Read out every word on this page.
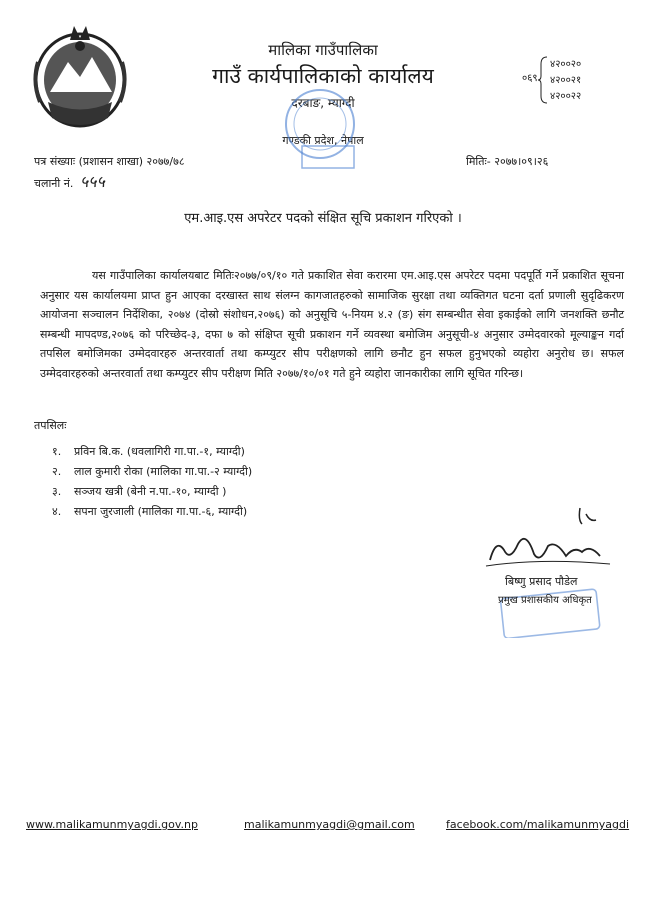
मालिका गाउँपालिका
गाउँ कार्यपालिकाको कार्यालय
दरबाङ, म्याग्दी
गण्डकी प्रदेश, नेपाल
०६९
४२००२०
४२००२१
४२००२२
पत्र संख्याः (प्रशासन शाखा) २०७७/७८
चलानी नं. ५५५
मितिः- २०७७।०९।२६
एम.आइ.एस अपरेटर पदको संक्षित सूचि प्रकाशन गरिएको ।
यस गाउँपालिका कार्यालयबाट मितिः२०७७/०९/१० गते प्रकाशित सेवा करारमा एम.आइ.एस अपरेटर पदमा पदपूर्ति गर्ने प्रकाशित सूचना अनुसार यस कार्यालयमा प्राप्त हुन आएका दरखास्त साथ संलग्न कागजातहरुको सामाजिक सुरक्षा तथा व्यक्तिगत घटना दर्ता प्रणाली सुदृढिकरण आयोजना सञ्चालन निर्देशिका, २०७४ (दोस्रो संशोधन,२०७६) को अनुसूचि ५-नियम ४.२ (ङ) संग सम्बन्धीत सेवा इकाईको लागि जनशक्ति छनौट सम्बन्धी मापदण्ड,२०७६ को परिच्छेद-३, दफा ७ को संक्षिप्त सूची प्रकाशन गर्ने व्यवस्था बमोजिम अनुसूची-४ अनुसार उम्मेदवारको मूल्याङ्कन गर्दा तपसिल बमोजिमका उम्मेदवारहरु अन्तरवार्ता तथा कम्प्युटर सीप परीक्षणको लागि छनौट हुन सफल हुनुभएको व्यहोरा अनुरोध छ। सफल उम्मेदवारहरुको अन्तरवार्ता तथा कम्प्युटर सीप परीक्षण मिति २०७७/१०/०१ गते हुने व्यहोरा जानकारीका लागि सूचित गरिन्छ।
तपसिलः
१. प्रविन बि.क. (धवलागिरी गा.पा.-१, म्याग्दी)
२. लाल कुमारी रोका (मालिका गा.पा.-२ म्याग्दी)
३. सञ्जय खत्री (बेनी न.पा.-१०, म्याग्दी )
४. सपना जुरजाली (मालिका गा.पा.-६, म्याग्दी)
बिष्णु प्रसाद पौडेल
प्रमुख प्रशासकीय अधिकृत
www.malikamunmyagdi.gov.np	malikamunmyagdi@gmail.com	facebook.com/malikamunmyagdi
